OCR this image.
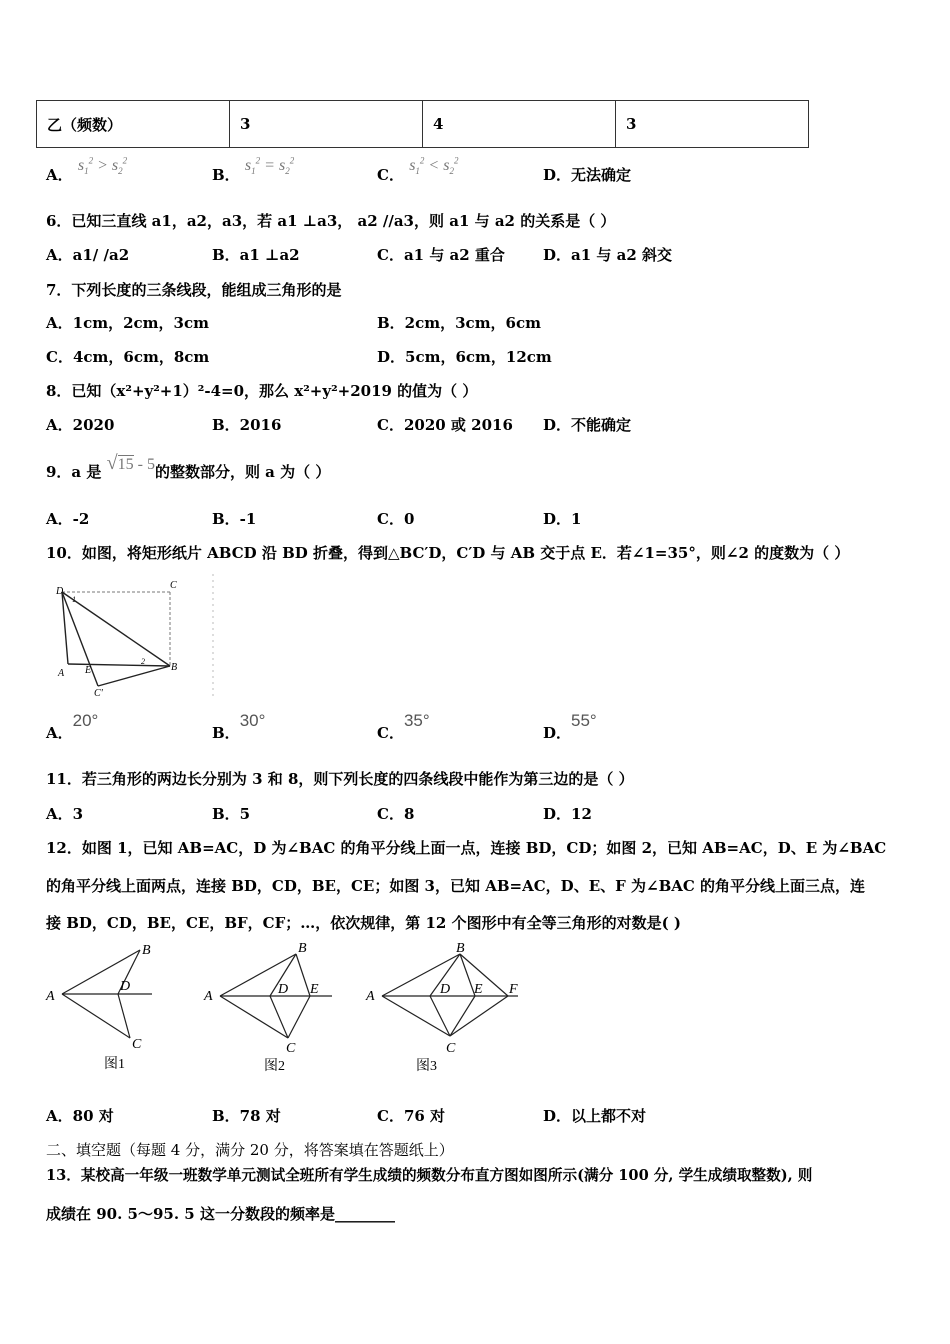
乙（频数）	3	4	3
A． $s_1^2 > s_2^2$
B． $s_1^2 = s_2^2$
C． $s_1^2 < s_2^2$
D．无法确定
6．已知三直线 a1，a2，a3，若 a1 ⊥a3， a2 //a3，则 a1 与 a2 的关系是（ ）
A．a1/ /a2	B．a1 ⊥a2	C．a1 与 a2 重合	D．a1 与 a2 斜交
7．下列长度的三条线段，能组成三角形的是
A．1cm，2cm，3cm	B．2cm，3cm，6cm
C．4cm，6cm，8cm	D．5cm，6cm，12cm
8．已知（x²+y²+1）²-4=0，那么 x²+y²+2019 的值为（ ）
A．2020	B．2016	C．2020 或 2016 D．不能确定
9．a 是 √15 - 5的整数部分，则 a 为（ ）
A．-2	B．-1	C．0	D．1
10．如图，将矩形纸片 ABCD 沿 BD 折叠，得到△BC′D，C′D 与 AB 交于点 E．若∠1=35°，则∠2 的度数为（ ）
D
C
A E	B
C'
1
2
A．20°
B．30°
C．35°
D．55°
11．若三角形的两边长分别为 3 和 8，则下列长度的四条线段中能作为第三边的是（ ）
A．3	B．5	C．8	D．12
12．如图 1，已知 AB=AC，D 为∠BAC 的角平分线上面一点，连接 BD，CD；如图 2，已知 AB=AC，D、E 为∠BAC
的角平分线上面两点，连接 BD，CD，BE，CE；如图 3，已知 AB=AC，D、E、F 为∠BAC 的角平分线上面三点，连
接 BD，CD，BE，CE，BF，CF；…，依次规律，第 12 个图形中有全等三角形的对数是( )
A
B
D
C
图1
A
B
D E
C
图2
A
B
D E F
C
图3
A．80 对	B．78 对	C．76 对	D．以上都不对
二、填空题（每题 4 分，满分 20 分，将答案填在答题纸上）
13．某校高一年级一班数学单元测试全班所有学生成绩的频数分布直方图如图所示(满分 100 分, 学生成绩取整数), 则
成绩在 90. 5～95. 5 这一分数段的频率是________
